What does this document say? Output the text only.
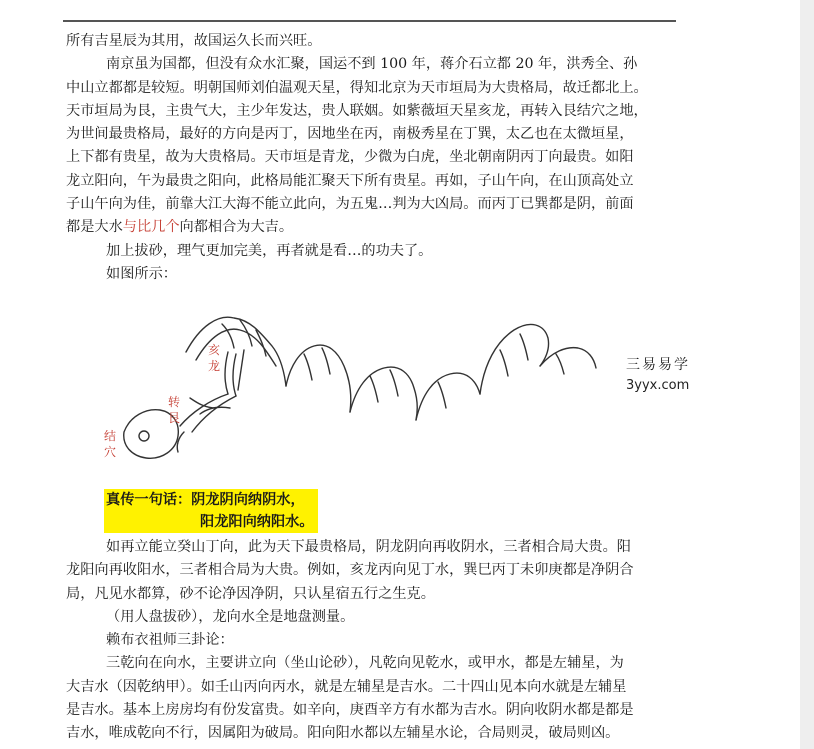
所有吉星辰为其用，故国运久长而兴旺。
南京虽为国都，但没有众水汇聚，国运不到 100 年，蒋介石立都 20 年，洪秀全、孙
中山立都都是较短。明朝国师刘伯温观天星，得知北京为天市垣局为大贵格局，故迁都北上。
天市垣局为艮，主贵气大，主少年发达，贵人联姻。如紫薇垣天星亥龙，再转入艮结穴之地，
为世间最贵格局，最好的方向是丙丁，因地坐在丙，南极秀星在丁巽，太乙也在太微垣星，
上下都有贵星，故为大贵格局。天市垣是青龙，少微为白虎，坐北朝南阴丙丁向最贵。如阳
龙立阳向，午为最贵之阳向，此格局能汇聚天下所有贵星。再如，子山午向，在山顶高处立
子山午向为佳，前靠大江大海不能立此向，为五鬼…判为大凶局。而丙丁已巽都是阴，前面
都是大水与比几个向都相合为大吉。
加上拔砂，理气更加完美，再者就是看…的功夫了。
如图所示：
亥
龙
转
艮
结
穴
三易易学
3yyx.com
真传一句话：阴龙阴向纳阴水，
阳龙阳向纳阳水。
如再立能立癸山丁向，此为天下最贵格局，阴龙阴向再收阴水，三者相合局大贵。阳
龙阳向再收阳水，三者相合局为大贵。例如，亥龙丙向见丁水，巽巳丙丁未卯庚都是净阴合
局，凡见水都算，砂不论净因净阴，只认星宿五行之生克。
（用人盘拔砂），龙向水全是地盘测量。
赖布衣祖师三卦论：
三乾向在向水，主要讲立向（坐山论砂），凡乾向见乾水，或甲水，都是左辅星，为
大吉水（因乾纳甲）。如壬山丙向丙水，就是左辅星是吉水。二十四山见本向水就是左辅星
是吉水。基本上房房均有份发富贵。如辛向，庚酉辛方有水都为吉水。阴向收阴水都是都是
吉水，唯成乾向不行，因属阳为破局。阳向阳水都以左辅星水论，合局则灵，破局则凶。
